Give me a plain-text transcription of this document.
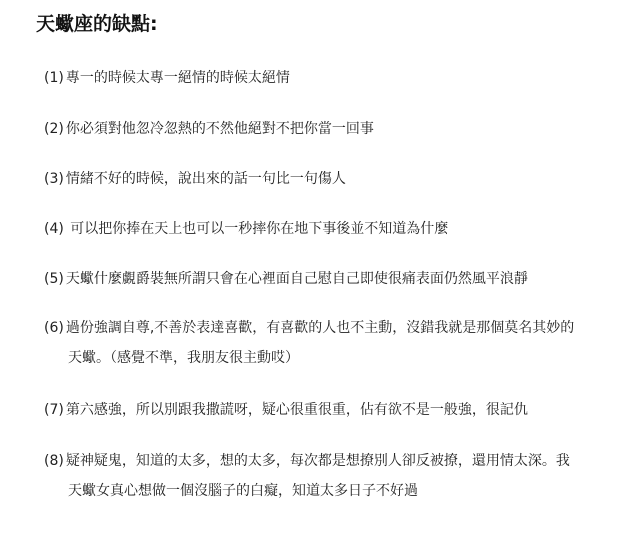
天蠍座的缺點:
(1) 專一的時候太專一絕情的時候太絕情
(2) 你必須對他忽冷忽熱的不然他絕對不把你當一回事
(3) 情緒不好的時候，說出來的話一句比一句傷人
(4) 可以把你捧在天上也可以一秒摔你在地下事後並不知道為什麼
(5) 天蠍什麼覷爵裝無所謂只會在心裡面自己慰自己即使很痛表面仍然風平浪靜
(6) 過份強調自尊,不善於表達喜歡，有喜歡的人也不主動，沒錯我就是那個莫名其妙的
天蠍。（感覺不準，我朋友很主動哎）
(7) 第六感強，所以別跟我撒謊呀，疑心很重很重，佔有欲不是一般強，很記仇
(8) 疑神疑鬼，知道的太多，想的太多，每次都是想撩別人卻反被撩，還用情太深。我
天蠍女真心想做一個沒腦子的白癡，知道太多日子不好過
